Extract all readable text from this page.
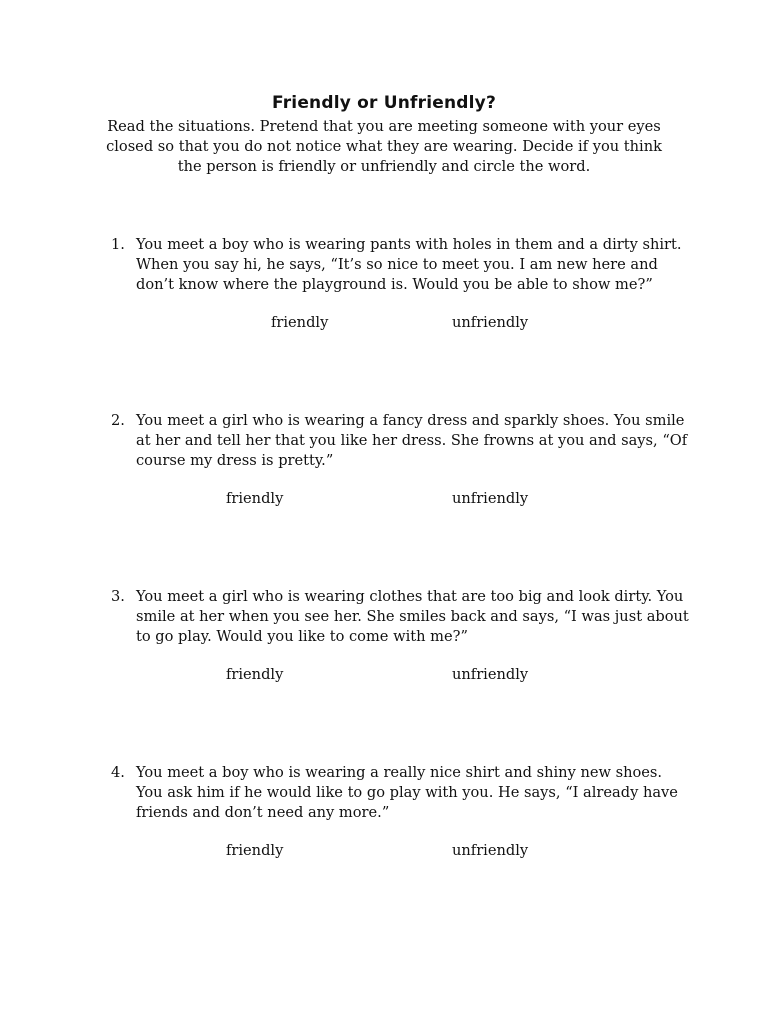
Friendly or Unfriendly?
Read the situations. Pretend that you are meeting someone with your eyes closed so that you do not notice what they are wearing. Decide if you think the person is friendly or unfriendly and circle the word.
1. You meet a boy who is wearing pants with holes in them and a dirty shirt. When you say hi, he says, “It’s so nice to meet you. I am new here and don’t know where the playground is. Would you be able to show me?”
friendly	unfriendly
2. You meet a girl who is wearing a fancy dress and sparkly shoes. You smile at her and tell her that you like her dress. She frowns at you and says, “Of course my dress is pretty.”
friendly	unfriendly
3. You meet a girl who is wearing clothes that are too big and look dirty. You smile at her when you see her. She smiles back and says, “I was just about to go play. Would you like to come with me?”
friendly	unfriendly
4. You meet a boy who is wearing a really nice shirt and shiny new shoes. You ask him if he would like to go play with you. He says, “I already have friends and don’t need any more.”
friendly	unfriendly
